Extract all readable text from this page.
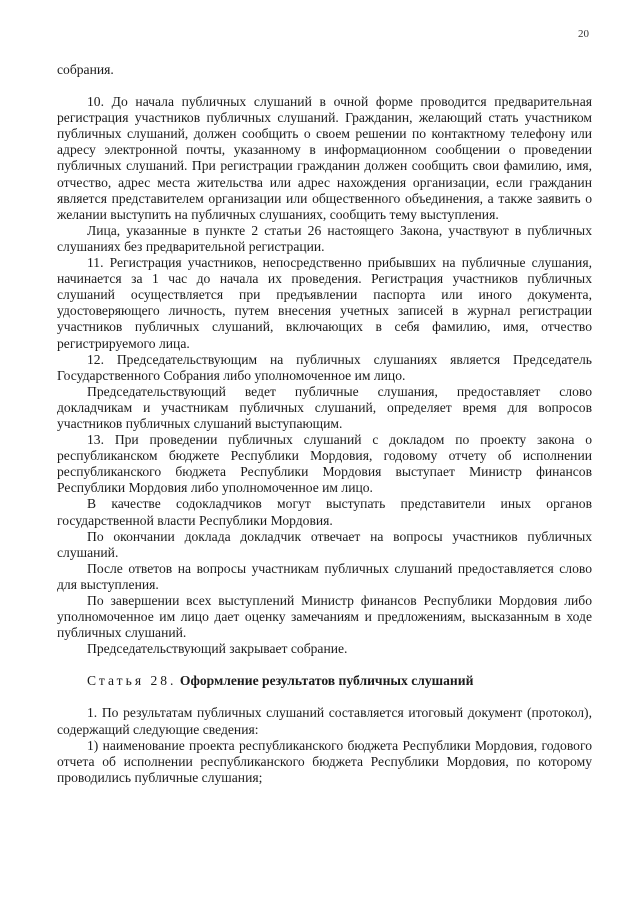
20

собрания.

10. До начала публичных слушаний в очной форме проводится предварительная регистрация участников публичных слушаний. Гражданин, желающий стать участником публичных слушаний, должен сообщить о своем решении по контактному телефону или адресу электронной почты, указанному в информационном сообщении о проведении публичных слушаний. При регистрации гражданин должен сообщить свои фамилию, имя, отчество, адрес места жительства или адрес нахождения организации, если гражданин является представителем организации или общественного объединения, а также заявить о желании выступить на публичных слушаниях, сообщить тему выступления.

Лица, указанные в пункте 2 статьи 26 настоящего Закона, участвуют в публичных слушаниях без предварительной регистрации.

11. Регистрация участников, непосредственно прибывших на публичные слушания, начинается за 1 час до начала их проведения. Регистрация участников публичных слушаний осуществляется при предъявлении паспорта или иного документа, удостоверяющего личность, путем внесения учетных записей в журнал регистрации участников публичных слушаний, включающих в себя фамилию, имя, отчество регистрируемого лица.

12. Председательствующим на публичных слушаниях является Председатель Государственного Собрания либо уполномоченное им лицо.

Председательствующий ведет публичные слушания, предоставляет слово докладчикам и участникам публичных слушаний, определяет время для вопросов участников публичных слушаний выступающим.

13. При проведении публичных слушаний с докладом по проекту закона о республиканском бюджете Республики Мордовия, годовому отчету об исполнении республиканского бюджета Республики Мордовия выступает Министр финансов Республики Мордовия либо уполномоченное им лицо.

В качестве содокладчиков могут выступать представители иных органов государственной власти Республики Мордовия.

По окончании доклада докладчик отвечает на вопросы участников публичных слушаний.

После ответов на вопросы участникам публичных слушаний предоставляется слово для выступления.

По завершении всех выступлений Министр финансов Республики Мордовия либо уполномоченное им лицо дает оценку замечаниям и предложениям, высказанным в ходе публичных слушаний.

Председательствующий закрывает собрание.

Статья 28. Оформление результатов публичных слушаний

1. По результатам публичных слушаний составляется итоговый документ (протокол), содержащий следующие сведения:

1) наименование проекта республиканского бюджета Республики Мордовия, годового отчета об исполнении республиканского бюджета Республики Мордовия, по которому проводились публичные слушания;
